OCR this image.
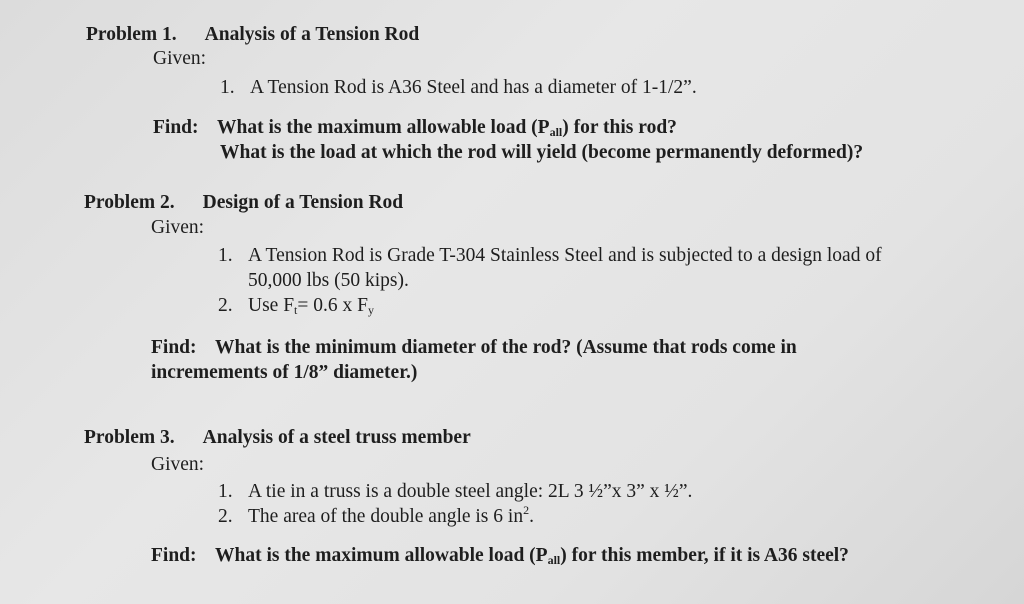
Problem 1. Analysis of a Tension Rod
Given:
1. A Tension Rod is A36 Steel and has a diameter of 1-1/2”.
Find: What is the maximum allowable load $(P_{all})$ for this rod?
What is the load at which the rod will yield (become permanently deformed)?
Problem 2. Design of a Tension Rod
Given:
1. A Tension Rod is Grade T-304 Stainless Steel and is subjected to a design load of
50,000 lbs (50 kips).
2. Use $F_t= 0.6$ x $F_y$
Find: What is the minimum diameter of the rod? (Assume that rods come in
incremements of 1/8” diameter.)
Problem 3. Analysis of a steel truss member
Given:
1. A tie in a truss is a double steel angle: 2L 3 ½”x 3” x ½”.
2. The area of the double angle is 6 $in^2$.
Find: What is the maximum allowable load $(P_{all})$ for this member, if it is A36 steel?
